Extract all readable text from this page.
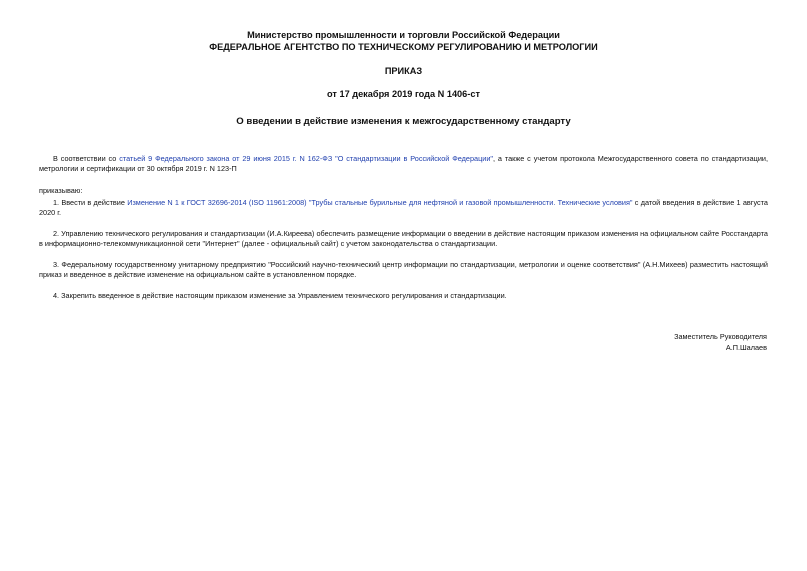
Министерство промышленности и торговли Российской Федерации
ФЕДЕРАЛЬНОЕ АГЕНТСТВО ПО ТЕХНИЧЕСКОМУ РЕГУЛИРОВАНИЮ И МЕТРОЛОГИИ
ПРИКАЗ
от 17 декабря 2019 года N 1406-ст
О введении в действие изменения к межгосударственному стандарту
В соответствии со статьей 9 Федерального закона от 29 июня 2015 г. N 162-ФЗ "О стандартизации в Российской Федерации", а также с учетом протокола Межгосударственного совета по стандартизации, метрологии и сертификации от 30 октября 2019 г. N 123-П
приказываю:
1. Ввести в действие Изменение N 1 к ГОСТ 32696-2014 (ISO 11961:2008) "Трубы стальные бурильные для нефтяной и газовой промышленности. Технические условия" с датой введения в действие 1 августа 2020 г.
2. Управлению технического регулирования и стандартизации (И.А.Киреева) обеспечить размещение информации о введении в действие настоящим приказом изменения на официальном сайте Росстандарта в информационно-телекоммуникационной сети "Интернет" (далее - официальный сайт) с учетом законодательства о стандартизации.
3. Федеральному государственному унитарному предприятию "Российский научно-технический центр информации по стандартизации, метрологии и оценке соответствия" (А.Н.Михеев) разместить настоящий приказ и введенное в действие изменение на официальном сайте в установленном порядке.
4. Закрепить введенное в действие настоящим приказом изменение за Управлением технического регулирования и стандартизации.
Заместитель Руководителя
А.П.Шалаев
